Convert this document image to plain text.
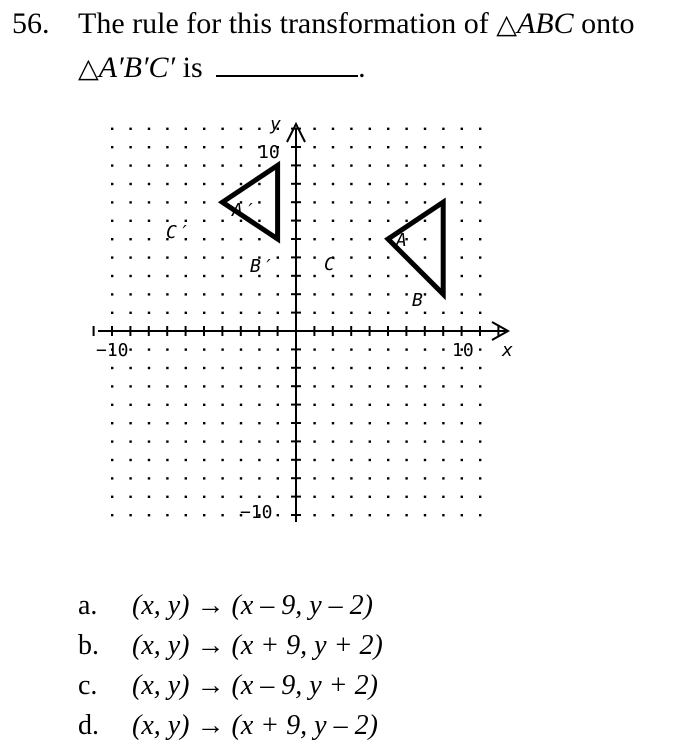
56. The rule for this transformation of △ABC onto
△A′B′C′ is	.
x
y
10
−10
10
−10
A
B
C
A′
B′
C′
a. (x, y) → (x – 9, y – 2)
b. (x, y) → (x + 9, y + 2)
c. (x, y) → (x – 9, y + 2)
d. (x, y) → (x + 9, y – 2)
